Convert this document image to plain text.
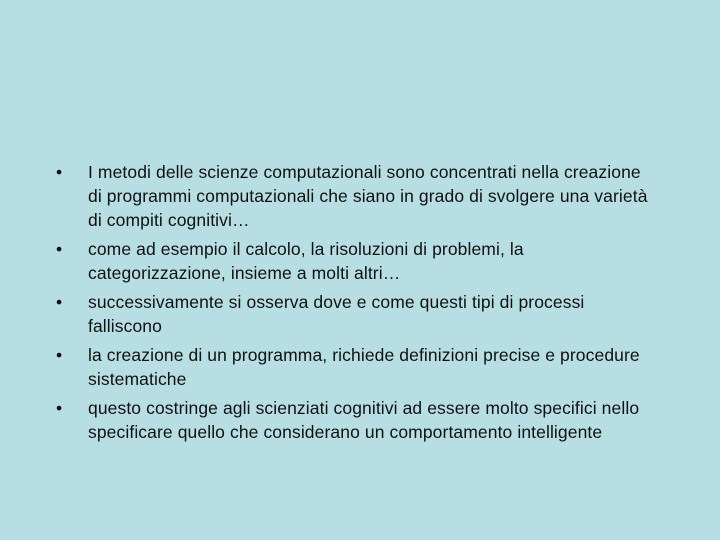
•	I metodi delle scienze computazionali sono concentrati nella creazione di programmi computazionali che siano in grado di svolgere una varietà di compiti cognitivi…
•	come ad esempio il calcolo, la risoluzioni di problemi, la categorizzazione, insieme a molti altri…
•	successivamente si osserva dove e come questi tipi di processi falliscono
•	la creazione di un programma, richiede definizioni precise e procedure sistematiche
•	questo costringe agli scienziati cognitivi ad essere molto specifici nello specificare quello che considerano un comportamento intelligente
